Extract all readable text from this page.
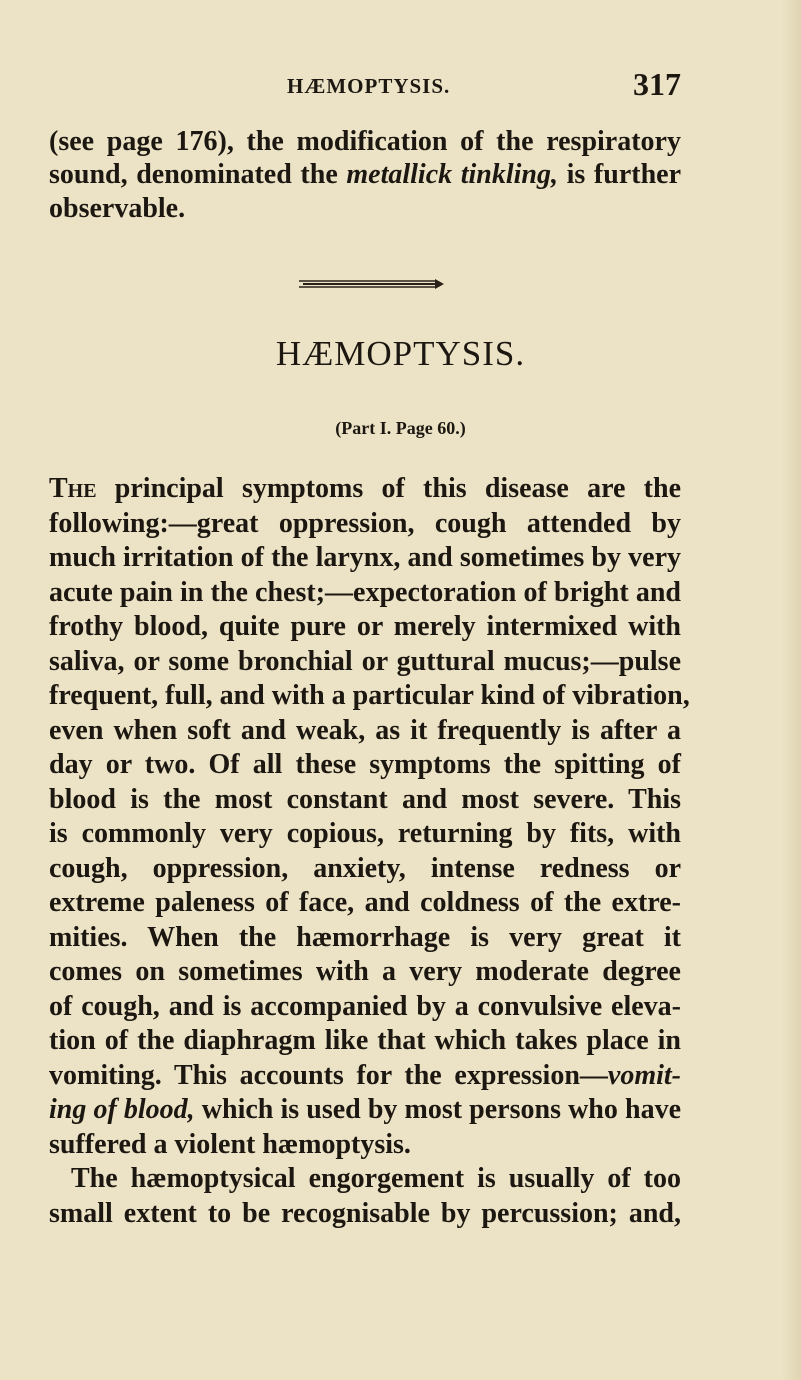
HÆMOPTYSIS.	317
(see page 176), the modification of the respiratory
sound, denominated the metallick tinkling, is further
observable.
HÆMOPTYSIS.
(Part I. Page 60.)
The principal symptoms of this disease are the
following:—great oppression, cough attended by
much irritation of the larynx, and sometimes by very
acute pain in the chest;—expectoration of bright and
frothy blood, quite pure or merely intermixed with
saliva, or some bronchial or guttural mucus;—pulse
frequent, full, and with a particular kind of vibration,
even when soft and weak, as it frequently is after a
day or two. Of all these symptoms the spitting of
blood is the most constant and most severe. This
is commonly very copious, returning by fits, with
cough, oppression, anxiety, intense redness or
extreme paleness of face, and coldness of the extre-
mities. When the hæmorrhage is very great it
comes on sometimes with a very moderate degree
of cough, and is accompanied by a convulsive eleva-
tion of the diaphragm like that which takes place in
vomiting. This accounts for the expression—vomit-
ing of blood, which is used by most persons who have
suffered a violent hæmoptysis.
The hæmoptysical engorgement is usually of too
small extent to be recognisable by percussion; and,
